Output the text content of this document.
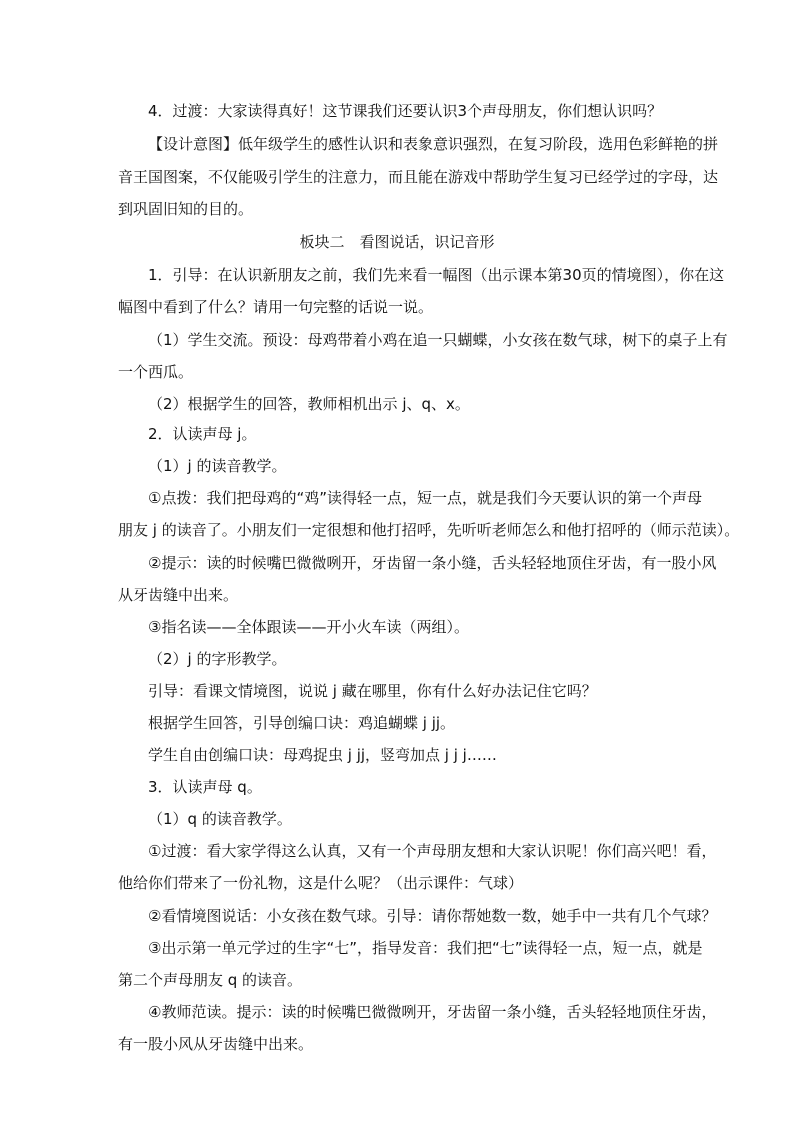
4．过渡：大家读得真好！这节课我们还要认识3个声母朋友，你们想认识吗？
【设计意图】低年级学生的感性认识和表象意识强烈，在复习阶段，选用色彩鲜艳的拼
音王国图案，不仅能吸引学生的注意力，而且能在游戏中帮助学生复习已经学过的字母，达
到巩固旧知的目的。
板块二　看图说话，识记音形
1．引导：在认识新朋友之前，我们先来看一幅图（出示课本第30页的情境图），你在这
幅图中看到了什么？请用一句完整的话说一说。
（1）学生交流。预设：母鸡带着小鸡在追一只蝴蝶，小女孩在数气球，树下的桌子上有
一个西瓜。
（2）根据学生的回答，教师相机出示 j、q、x。
2．认读声母 j。
（1）j 的读音教学。
①点拨：我们把母鸡的“鸡”读得轻一点，短一点，就是我们今天要认识的第一个声母
朋友 j 的读音了。小朋友们一定很想和他打招呼，先听听老师怎么和他打招呼的（师示范读）。
②提示：读的时候嘴巴微微咧开，牙齿留一条小缝，舌头轻轻地顶住牙齿，有一股小风
从牙齿缝中出来。
③指名读——全体跟读——开小火车读（两组）。
（2）j 的字形教学。
引导：看课文情境图，说说 j 藏在哪里，你有什么好办法记住它吗？
根据学生回答，引导创编口诀：鸡追蝴蝶 j jj。
学生自由创编口诀：母鸡捉虫 j jj，竖弯加点 j j j……
3．认读声母 q。
（1）q 的读音教学。
①过渡：看大家学得这么认真，又有一个声母朋友想和大家认识呢！你们高兴吧！看，
他给你们带来了一份礼物，这是什么呢？（出示课件：气球）
②看情境图说话：小女孩在数气球。引导：请你帮她数一数，她手中一共有几个气球？
③出示第一单元学过的生字“七”，指导发音：我们把“七”读得轻一点，短一点，就是
第二个声母朋友 q 的读音。
④教师范读。提示：读的时候嘴巴微微咧开，牙齿留一条小缝，舌头轻轻地顶住牙齿，
有一股小风从牙齿缝中出来。
